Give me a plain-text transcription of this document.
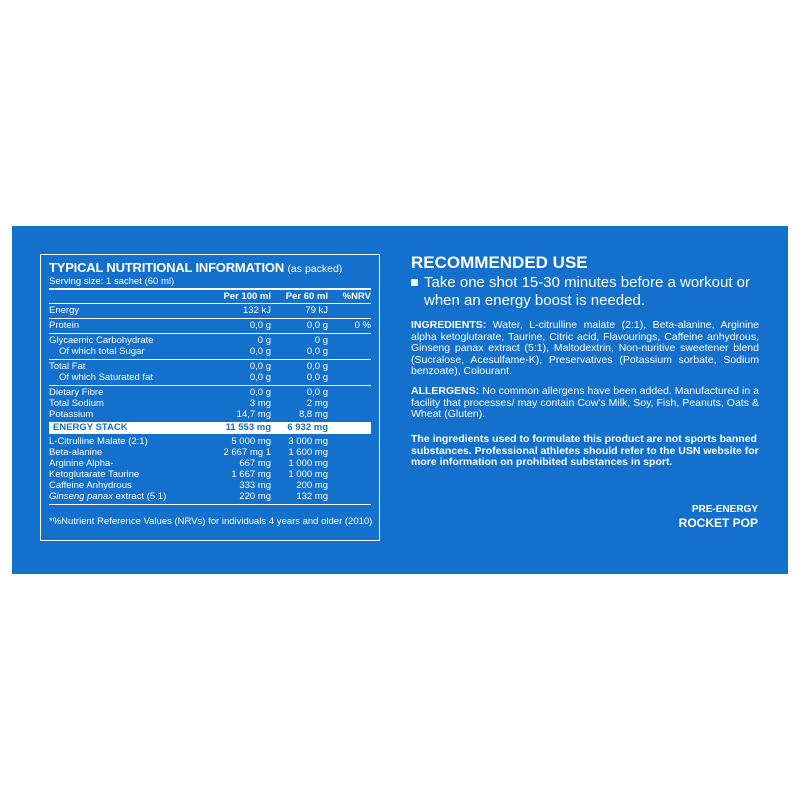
TYPICAL NUTRITIONAL INFORMATION (as packed)
Serving size: 1 sachet (60 ml)
Per 100 ml Per 60 ml %NRV
Energy	132 kJ	79 kJ
Protein	0,0 g	0,0 g	0 %
Glycaemic Carbohydrate	0 g	0 g
Of which total Sugar	0,0 g	0,0 g
Total Fat	0,0 g	0,0 g
Of which Saturated fat	0,0 g	0,0 g
Dietary Fibre	0,0 g	0,0 g
Total Sodium	3 mg	2 mg
Potassium	14,7 mg	8,8 mg
ENERGY STACK	11 553 mg 6 932 mg
L-Citrulline Malate (2:1)	5 000 mg 3 000 mg
Beta-alanine	2 667 mg 1 1 600 mg
Arginine Alpha-	667 mg 1 000 mg
Ketoglutarate Taurine	1 667 mg 1 000 mg
Caffeine Anhydrous	333 mg	200 mg
Ginseng panax extract (5:1)	220 mg	132 mg
*%Nutrient Reference Values (NRVs) for individuals 4 years and older (2010)
RECOMMENDED USE
Take one shot 15-30 minutes before a workout or when an energy boost is needed.
INGREDIENTS: Water, L-citrulline malate (2:1), Beta-alanine, Arginine alpha ketoglutarate, Taurine, Citric acid, Flavourings, Caffeine anhydrous, Ginseng panax extract (5:1), Maltodextrin, Non-nuritive sweetener blend (Sucralose, Acesulfame-K), Preservatives (Potassium sorbate, Sodium benzoate), Colourant.
ALLERGENS: No common allergens have been added. Manufactured in a facility that processes/ may contain Cow's Milk, Soy, Fish, Peanuts, Oats & Wheat (Gluten).
The ingredients used to formulate this product are not sports banned substances. Professional athletes should refer to the USN website for more information on prohibited substances in sport.
PRE-ENERGY
ROCKET POP
